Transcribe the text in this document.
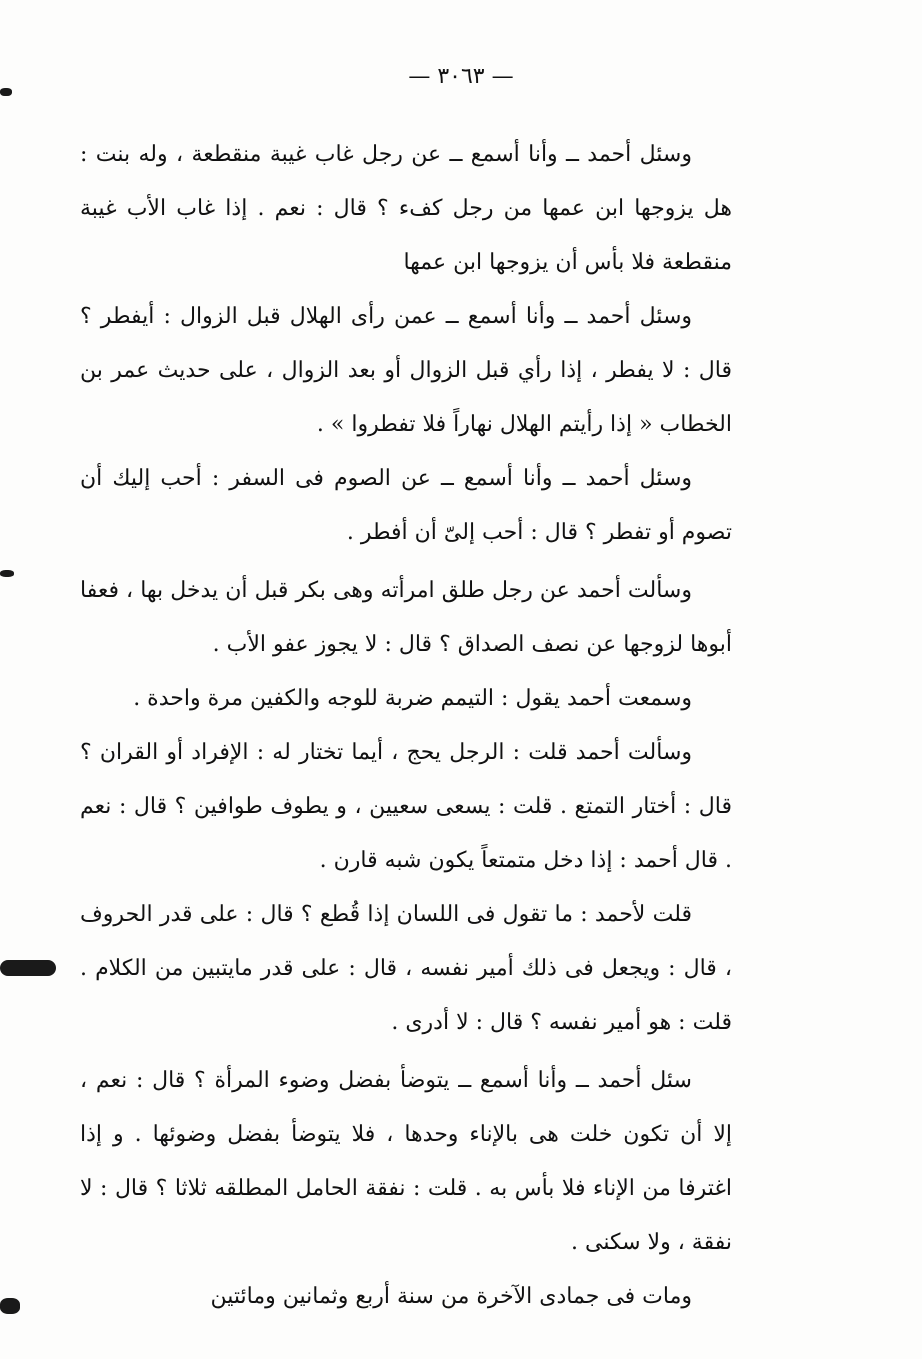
— ٣٠٦٣ —

وسئل أحمد ــ وأنا أسمع ــ عن رجل غاب غيبة منقطعة ، وله بنت : هل يزوجها ابن عمها من رجل كفء ؟ قال : نعم . إذا غاب الأب غيبة منقطعة فلا بأس أن يزوجها ابن عمها

وسئل أحمد ــ وأنا أسمع ــ عمن رأى الهلال قبل الزوال : أيفطر ؟ قال : لا يفطر ، إذا رأي قبل الزوال أو بعد الزوال ، على حديث عمر بن الخطاب « إذا رأيتم الهلال نهاراً فلا تفطروا » .

وسئل أحمد ــ وأنا أسمع ــ عن الصوم فى السفر : أحب إليك أن تصوم أو تفطر ؟ قال : أحب إلىّ أن أفطر .

وسألت أحمد عن رجل طلق امرأته وهى بكر قبل أن يدخل بها ، فعفا أبوها لزوجها عن نصف الصداق ؟ قال : لا يجوز عفو الأب .

وسمعت أحمد يقول : التيمم ضربة للوجه والكفين مرة واحدة .

وسألت أحمد قلت : الرجل يحج ، أيما تختار له : الإفراد أو القران ؟ قال : أختار التمتع . قلت : يسعى سعيين ، و يطوف طوافين ؟ قال : نعم . قال أحمد : إذا دخل متمتعاً يكون شبه قارن .

قلت لأحمد : ما تقول فى اللسان إذا قُطع ؟ قال : على قدر الحروف ، قال : ويجعل فى ذلك أمير نفسه ، قال : على قدر مايتبين من الكلام . قلت : هو أمير نفسه ؟ قال : لا أدرى .

سئل أحمد ــ وأنا أسمع ــ يتوضأ بفضل وضوء المرأة ؟ قال : نعم ، إلا أن تكون خلت هى بالإناء وحدها ، فلا يتوضأ بفضل وضوئها . و إذا اغترفا من الإناء فلا بأس به . قلت : نفقة الحامل المطلقه ثلاثا ؟ قال : لا نفقة ، ولا سكنى .

ومات فى جمادى الآخرة من سنة أربع وثمانين ومائتين
